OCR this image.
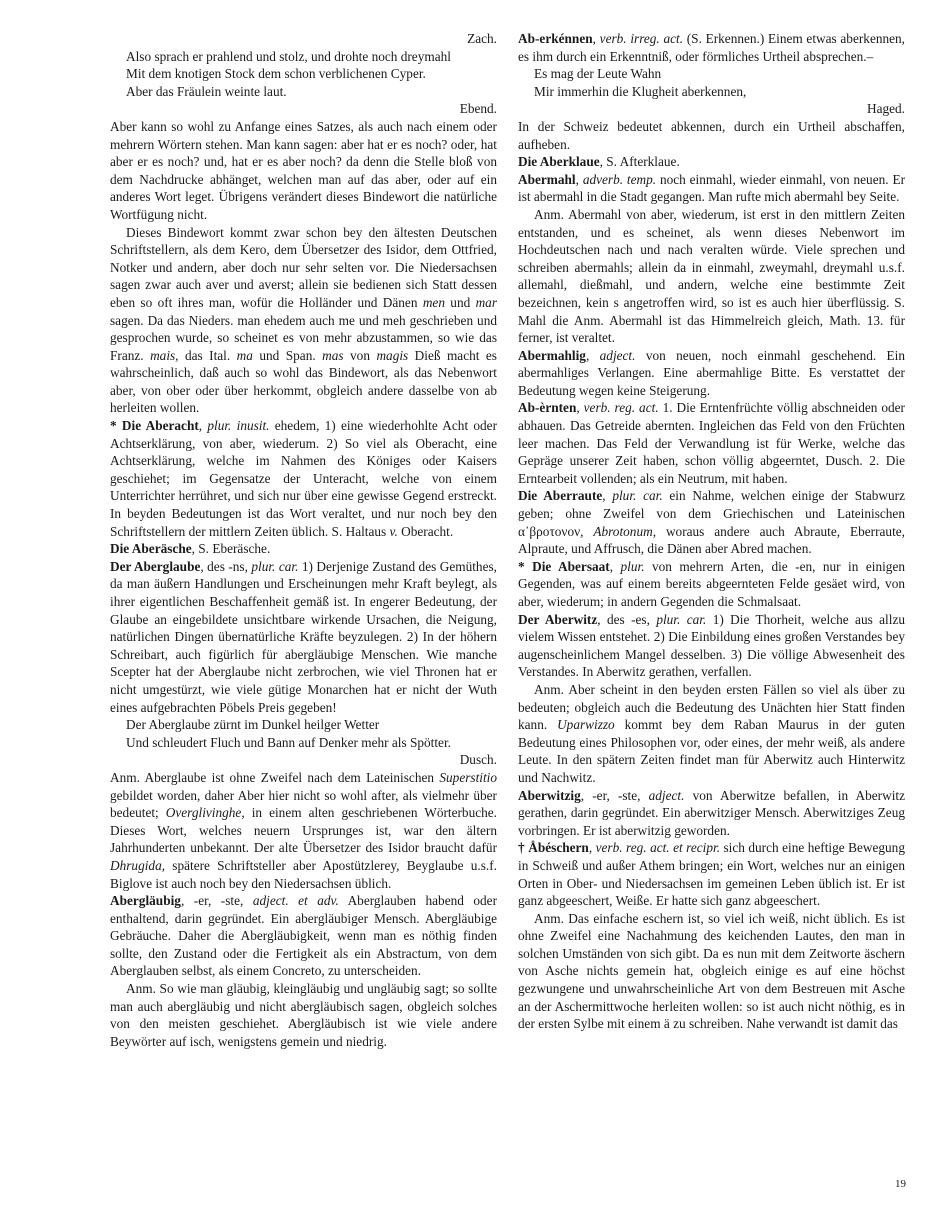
Zach.

Also sprach er prahlend und stolz, und drohte noch dreymahl

Mit dem knotigen Stock dem schon verblichenen Cyper.

Aber das Fräulein weinte laut.

Ebend.

Aber kann so wohl zu Anfange eines Satzes, als auch nach einem oder mehrern Wörtern stehen. Man kann sagen: aber hat er es noch? oder, hat aber er es noch? und, hat er es aber noch? da denn die Stelle bloß von dem Nachdrucke abhänget, welchen man auf das aber, oder auf ein anderes Wort leget. Übrigens verändert dieses Bindewort die natürliche Wortfügung nicht.

Dieses Bindewort kommt zwar schon bey den ältesten Deutschen Schriftstellern, als dem Kero, dem Übersetzer des Isidor, dem Ottfried, Notker und andern, aber doch nur sehr selten vor. Die Niedersachsen sagen zwar auch aver und averst; allein sie bedienen sich Statt dessen eben so oft ihres man, wofür die Holländer und Dänen men und mar sagen. Da das Nieders. man ehedem auch me und meh geschrieben und gesprochen wurde, so scheinet es von mehr abzustammen, so wie das Franz. mais, das Ital. ma und Span. mas von magis Dieß macht es wahrscheinlich, daß auch so wohl das Bindewort, als das Nebenwort aber, von ober oder über herkommt, obgleich andere dasselbe von ab herleiten wollen.

* Die Aberacht, plur. inusit. ehedem, 1) eine wiederhohlte Acht oder Achtserklärung, von aber, wiederum. 2) So viel als Oberacht, eine Achtserklärung, welche im Nahmen des Königes oder Kaisers geschiehet; im Gegensatze der Unteracht, welche von einem Unterrichter herrühret, und sich nur über eine gewisse Gegend erstreckt. In beyden Bedeutungen ist das Wort veraltet, und nur noch bey den Schriftstellern der mittlern Zeiten üblich. S. Haltaus v. Oberacht.

Die Aberäsche, S. Eberäsche.

Der Aberglaube, des -ns, plur. car. 1) Derjenige Zustand des Gemüthes, da man äußern Handlungen und Erscheinungen mehr Kraft beylegt, als ihrer eigentlichen Beschaffenheit gemäß ist. In engerer Bedeutung, der Glaube an eingebildete unsichtbare wirkende Ursachen, die Neigung, natürlichen Dingen übernatürliche Kräfte beyzulegen. 2) In der höhern Schreibart, auch figürlich für abergläubige Menschen. Wie manche Scepter hat der Aberglaube nicht zerbrochen, wie viel Thronen hat er nicht umgestürzt, wie viele gütige Monarchen hat er nicht der Wuth eines aufgebrachten Pöbels Preis gegeben!

Der Aberglaube zürnt im Dunkel heilger Wetter

Und schleudert Fluch und Bann auf Denker mehr als Spötter.

Dusch.

Anm. Aberglaube ist ohne Zweifel nach dem Lateinischen Superstitio gebildet worden, daher Aber hier nicht so wohl after, als vielmehr über bedeutet; Overglivinghe, in einem alten geschriebenen Wörterbuche. Dieses Wort, welches neuern Ursprunges ist, war den ältern Jahrhunderten unbekannt. Der alte Übersetzer des Isidor braucht dafür Dhrugida, spätere Schriftsteller aber Apostützlerey, Beyglaube u.s.f. Biglove ist auch noch bey den Niedersachsen üblich.

Abergläubig, -er, -ste, adject. et adv. Aberglauben habend oder enthaltend, darin gegründet. Ein abergläubiger Mensch. Abergläubige Gebräuche. Daher die Abergläubigkeit, wenn man es nöthig finden sollte, den Zustand oder die Fertigkeit als ein Abstractum, von dem Aberglauben selbst, als einem Concreto, zu unterscheiden.

Anm. So wie man gläubig, kleingläubig und ungläubig sagt; so sollte man auch abergläubig und nicht abergläubisch sagen, obgleich solches von den meisten geschiehet. Abergläubisch ist wie viele andere Beywörter auf isch, wenigstens gemein und niedrig.

Ab-erkénnen, verb. irreg. act. (S. Erkennen.) Einem etwas aberkennen, es ihm durch ein Erkenntniß, oder förmliches Urtheil absprechen.–

Es mag der Leute Wahn

Mir immerhin die Klugheit aberkennen,

Haged.

In der Schweiz bedeutet abkennen, durch ein Urtheil abschaffen, aufheben.

Die Aberklaue, S. Afterklaue.

Abermahl, adverb. temp. noch einmahl, wieder einmahl, von neuen. Er ist abermahl in die Stadt gegangen. Man rufte mich abermahl bey Seite.

Anm. Abermahl von aber, wiederum, ist erst in den mittlern Zeiten entstanden, und es scheinet, als wenn dieses Nebenwort im Hochdeutschen nach und nach veralten würde. Viele sprechen und schreiben abermahls; allein da in einmahl, zweymahl, dreymahl u.s.f. allemahl, dießmahl, und andern, welche eine bestimmte Zeit bezeichnen, kein s angetroffen wird, so ist es auch hier überflüssig. S. Mahl die Anm. Abermahl ist das Himmelreich gleich, Math. 13. für ferner, ist veraltet.

Abermahlig, adject. von neuen, noch einmahl geschehend. Ein abermahliges Verlangen. Eine abermahlige Bitte. Es verstattet der Bedeutung wegen keine Steigerung.

Ab-èrnten, verb. reg. act. 1. Die Erntenfrüchte völlig abschneiden oder abhauen. Das Getreide abernten. Ingleichen das Feld von den Früchten leer machen. Das Feld der Verwandlung ist für Werke, welche das Gepräge unserer Zeit haben, schon völlig abgeerntet, Dusch. 2. Die Erntearbeit vollenden; als ein Neutrum, mit haben.

Die Aberraute, plur. car. ein Nahme, welchen einige der Stabwurz geben; ohne Zweifel von dem Griechischen und Lateinischen α᾽βροτονον, Abrotonum, woraus andere auch Abraute, Eberraute, Alpraute, und Affrusch, die Dänen aber Abred machen.

* Die Abersaat, plur. von mehrern Arten, die -en, nur in einigen Gegenden, was auf einem bereits abgeernteten Felde gesäet wird, von aber, wiederum; in andern Gegenden die Schmalsaat.

Der Aberwitz, des -es, plur. car. 1) Die Thorheit, welche aus allzu vielem Wissen entstehet. 2) Die Einbildung eines großen Verstandes bey augenscheinlichem Mangel desselben. 3) Die völlige Abwesenheit des Verstandes. In Aberwitz gerathen, verfallen.

Anm. Aber scheint in den beyden ersten Fällen so viel als über zu bedeuten; obgleich auch die Bedeutung des Unächten hier Statt finden kann. Uparwizzo kommt bey dem Raban Maurus in der guten Bedeutung eines Philosophen vor, oder eines, der mehr weiß, als andere Leute. In den spätern Zeiten findet man für Aberwitz auch Hinterwitz und Nachwitz.

Aberwitzig, -er, -ste, adject. von Aberwitze befallen, in Aberwitz gerathen, darin gegründet. Ein aberwitziger Mensch. Aberwitziges Zeug vorbringen. Er ist aberwitzig geworden.

† Åbéschern, verb. reg. act. et recipr. sich durch eine heftige Bewegung in Schweiß und außer Athem bringen; ein Wort, welches nur an einigen Orten in Ober- und Niedersachsen im gemeinen Leben üblich ist. Er ist ganz abgeeschert, Weiße. Er hatte sich ganz abgeeschert.

Anm. Das einfache eschern ist, so viel ich weiß, nicht üblich. Es ist ohne Zweifel eine Nachahmung des keichenden Lautes, den man in solchen Umständen von sich gibt. Da es nun mit dem Zeitworte äschern von Asche nichts gemein hat, obgleich einige es auf eine höchst gezwungene und unwahrscheinliche Art von dem Bestreuen mit Asche an der Aschermittwoche herleiten wollen: so ist auch nicht nöthig, es in der ersten Sylbe mit einem ä zu schreiben. Nahe verwandt ist damit das

19
